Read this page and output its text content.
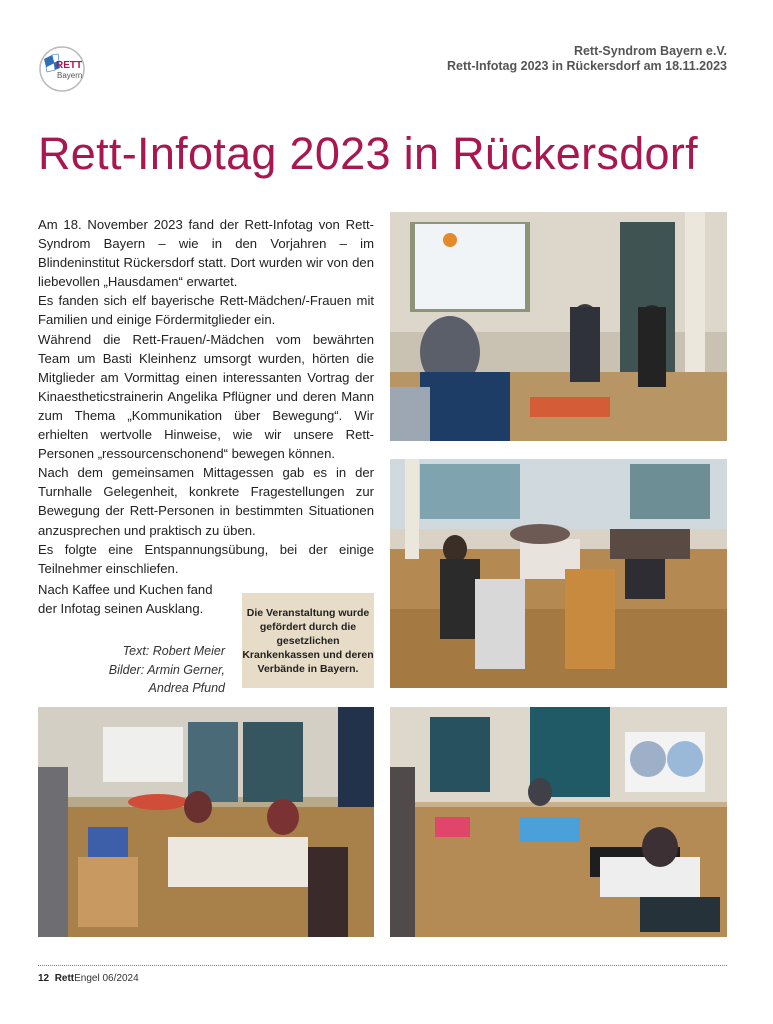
RETT
Bayern
Rett-Syndrom Bayern e.V.
Rett-Infotag 2023 in Rückersdorf am 18.11.2023
Rett-Infotag 2023 in Rückersdorf

Am 18. November 2023 fand der Rett-Infotag von Rett-Syndrom Bayern – wie in den Vorjahren – im Blindeninstitut Rückersdorf statt. Dort wurden wir von den liebevollen „Hausdamen“ erwartet.

Es fanden sich elf bayerische Rett-Mädchen/-Frauen mit Familien und einige Fördermitglieder ein.

Während die Rett-Frauen/-Mädchen vom bewährten Team um Basti Kleinhenz umsorgt wurden, hörten die Mitglieder am Vormittag einen interessanten Vortrag der Kinaestheticstrainerin Angelika Pflügner und deren Mann zum Thema „Kommunikation über Bewegung“. Wir erhielten wertvolle Hinweise, wie wir unsere Rett-Personen „ressourcenschonend“ bewegen können.

Nach dem gemeinsamen Mittagessen gab es in der Turnhalle Gelegenheit, konkrete Fragestellungen zur Bewegung der Rett-Personen in bestimmten Situationen anzusprechen und praktisch zu üben.

Es folgte eine Entspannungsübung, bei der einige Teilnehmer einschliefen.

Nach Kaffee und Kuchen fand der Infotag seinen Ausklang.

Text: Robert Meier
Bilder: Armin Gerner,
Andrea Pfund
Die Veranstaltung wurde gefördert durch die gesetzlichen Krankenkassen und deren Verbände in Bayern.
12 RettEngel 06/2024
